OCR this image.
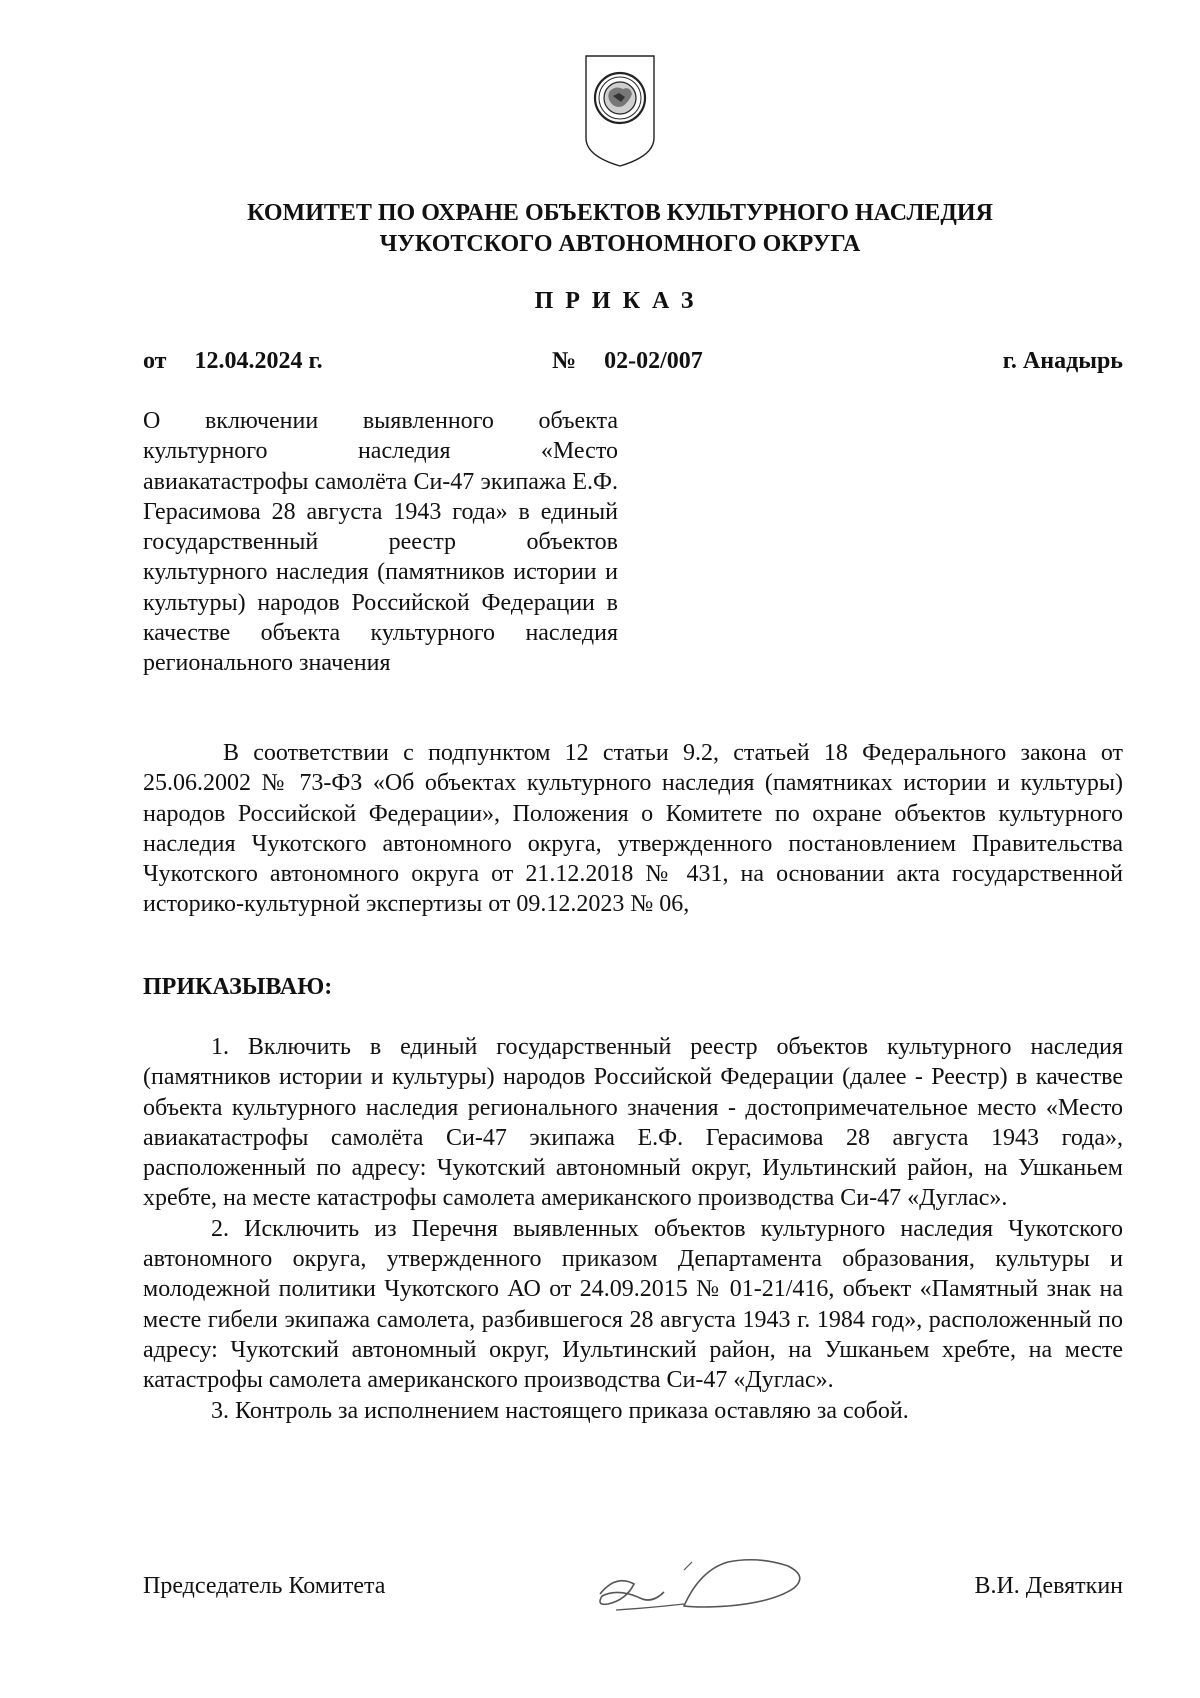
КОМИТЕТ ПО ОХРАНЕ ОБЪЕКТОВ КУЛЬТУРНОГО НАСЛЕДИЯ
ЧУКОТСКОГО АВТОНОМНОГО ОКРУГА
ПРИКАЗ
от 12.04.2024 г.	№ 02-02/007	г. Анадырь
О включении выявленного объекта культурного наследия «Место авиакатастрофы самолёта Си-47 экипажа Е.Ф. Герасимова 28 августа 1943 года» в единый государственный реестр объектов культурного наследия (памятников истории и культуры) народов Российской Федерации в качестве объекта культурного наследия регионального значения

В соответствии с подпунктом 12 статьи 9.2, статьей 18 Федерального закона от 25.06.2002 № 73-ФЗ «Об объектах культурного наследия (памятниках истории и культуры) народов Российской Федерации», Положения о Комитете по охране объектов культурного наследия Чукотского автономного округа, утвержденного постановлением Правительства Чукотского автономного округа от 21.12.2018 № 431, на основании акта государственной историко-культурной экспертизы от 09.12.2023 № 06,

ПРИКАЗЫВАЮ:

1. Включить в единый государственный реестр объектов культурного наследия (памятников истории и культуры) народов Российской Федерации (далее - Реестр) в качестве объекта культурного наследия регионального значения - достопримечательное место «Место авиакатастрофы самолёта Си-47 экипажа Е.Ф. Герасимова 28 августа 1943 года», расположенный по адресу: Чукотский автономный округ, Иультинский район, на Ушканьем хребте, на месте катастрофы самолета американского производства Си-47 «Дуглас».

2. Исключить из Перечня выявленных объектов культурного наследия Чукотского автономного округа, утвержденного приказом Департамента образования, культуры и молодежной политики Чукотского АО от 24.09.2015 № 01-21/416, объект «Памятный знак на месте гибели экипажа самолета, разбившегося 28 августа 1943 г. 1984 год», расположенный по адресу: Чукотский автономный округ, Иультинский район, на Ушканьем хребте, на месте катастрофы самолета американского производства Си-47 «Дуглас».

3. Контроль за исполнением настоящего приказа оставляю за собой.

Председатель Комитета	В.И. Девяткин
